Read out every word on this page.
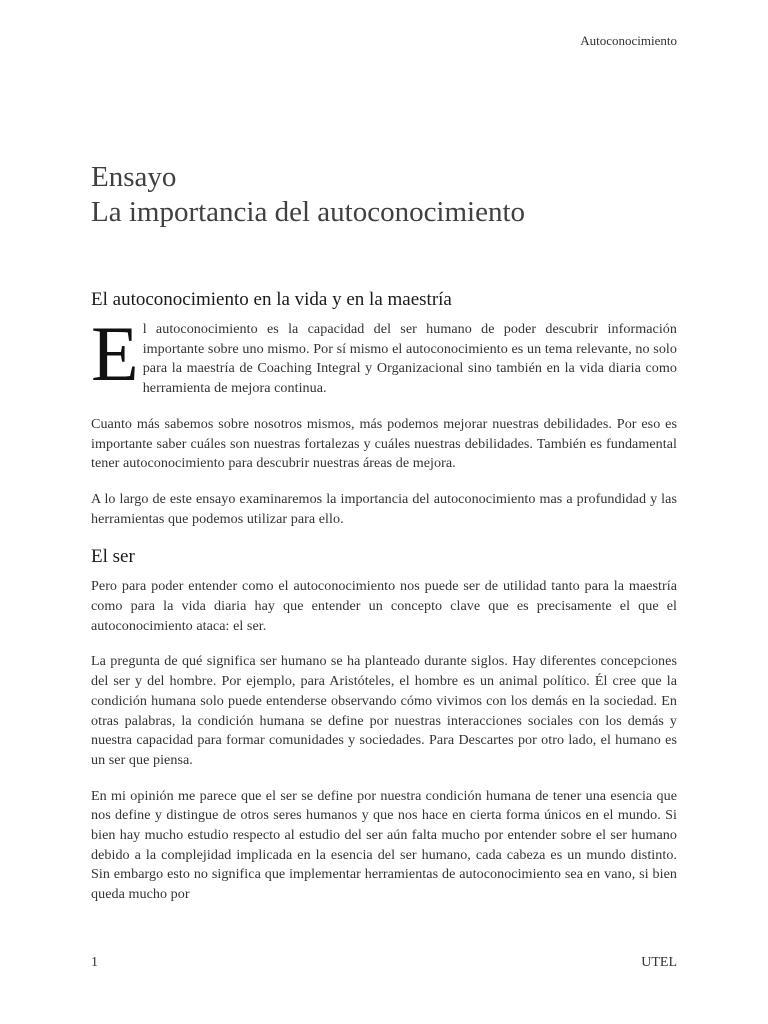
Autoconocimiento
Ensayo
La importancia del autoconocimiento
El autoconocimiento en la vida y en la maestría

El autoconocimiento es la capacidad del ser humano de poder descubrir información importante sobre uno mismo. Por sí mismo el autoconocimiento es un tema relevante, no solo para la maestría de Coaching Integral y Organizacional sino también en la vida diaria como herramienta de mejora continua.

Cuanto más sabemos sobre nosotros mismos, más podemos mejorar nuestras debilidades. Por eso es importante saber cuáles son nuestras fortalezas y cuáles nuestras debilidades. También es fundamental tener autoconocimiento para descubrir nuestras áreas de mejora.

A lo largo de este ensayo examinaremos la importancia del autoconocimiento mas a profundidad y las herramientas que podemos utilizar para ello.

El ser

Pero para poder entender como el autoconocimiento nos puede ser de utilidad tanto para la maestría como para la vida diaria hay que entender un concepto clave que es precisamente el que el autoconocimiento ataca: el ser.

La pregunta de qué significa ser humano se ha planteado durante siglos. Hay diferentes concepciones del ser y del hombre. Por ejemplo, para Aristóteles, el hombre es un animal político. Él cree que la condición humana solo puede entenderse observando cómo vivimos con los demás en la sociedad. En otras palabras, la condición humana se define por nuestras interacciones sociales con los demás y nuestra capacidad para formar comunidades y sociedades. Para Descartes por otro lado, el humano es un ser que piensa.

En mi opinión me parece que el ser se define por nuestra condición humana de tener una esencia que nos define y distingue de otros seres humanos y que nos hace en cierta forma únicos en el mundo. Si bien hay mucho estudio respecto al estudio del ser aún falta mucho por entender sobre el ser humano debido a la complejidad implicada en la esencia del ser humano, cada cabeza es un mundo distinto. Sin embargo esto no significa que implementar herramientas de autoconocimiento sea en vano, si bien queda mucho por

1	UTEL
